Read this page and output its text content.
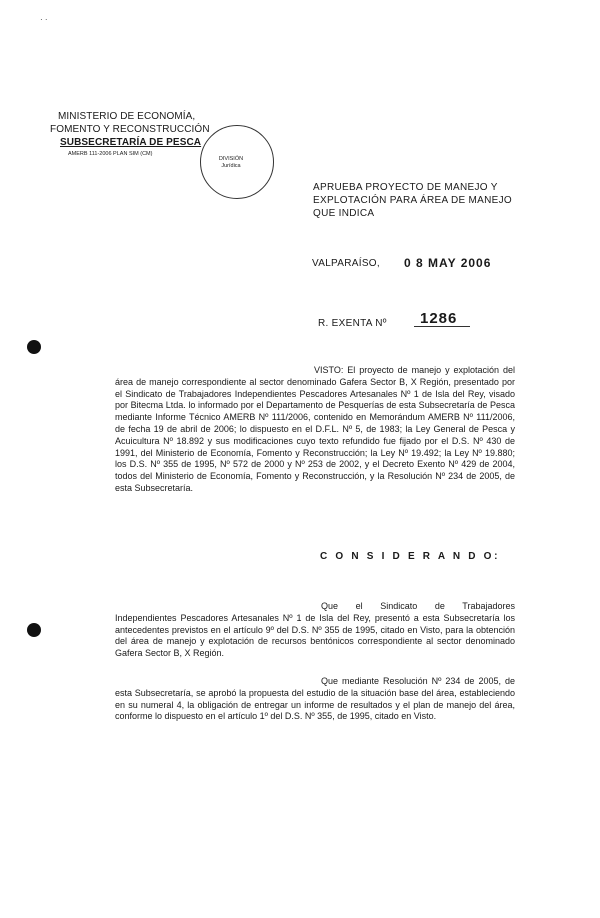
· ·
MINISTERIO DE ECONOMÍA,
FOMENTO Y RECONSTRUCCIÓN
SUBSECRETARÍA DE PESCA
AMERB 111-2006 PLAN SIM (CM)
DIVISIÓN Jurídica
APRUEBA PROYECTO DE MANEJO Y EXPLOTACIÓN PARA ÁREA DE MANEJO QUE INDICA
VALPARAÍSO, 0 8 MAY 2006
R. EXENTA Nº 1286
VISTO: El proyecto de manejo y explotación del área de manejo correspondiente al sector denominado Gafera Sector B, X Región, presentado por el Sindicato de Trabajadores Independientes Pescadores Artesanales Nº 1 de Isla del Rey, visado por Bitecma Ltda. lo informado por el Departamento de Pesquerías de esta Subsecretaría de Pesca mediante Informe Técnico AMERB Nº 111/2006, contenido en Memorándum AMERB Nº 111/2006, de fecha 19 de abril de 2006; lo dispuesto en el D.F.L. Nº 5, de 1983; la Ley General de Pesca y Acuicultura Nº 18.892 y sus modificaciones cuyo texto refundido fue fijado por el D.S. Nº 430 de 1991, del Ministerio de Economía, Fomento y Reconstrucción; la Ley Nº 19.492; la Ley Nº 19.880; los D.S. Nº 355 de 1995, Nº 572 de 2000 y Nº 253 de 2002, y el Decreto Exento Nº 429 de 2004, todos del Ministerio de Economía, Fomento y Reconstrucción, y la Resolución Nº 234 de 2005, de esta Subsecretaría.
C O N S I D E R A N D O:
Que el Sindicato de Trabajadores Independientes Pescadores Artesanales Nº 1 de Isla del Rey, presentó a esta Subsecretaría los antecedentes previstos en el artículo 9º del D.S. Nº 355 de 1995, citado en Visto, para la obtención del área de manejo y explotación de recursos bentónicos correspondiente al sector denominado Gafera Sector B, X Región.
Que mediante Resolución Nº 234 de 2005, de esta Subsecretaría, se aprobó la propuesta del estudio de la situación base del área, estableciendo en su numeral 4, la obligación de entregar un informe de resultados y el plan de manejo del área, conforme lo dispuesto en el artículo 1º del D.S. Nº 355, de 1995, citado en Visto.
